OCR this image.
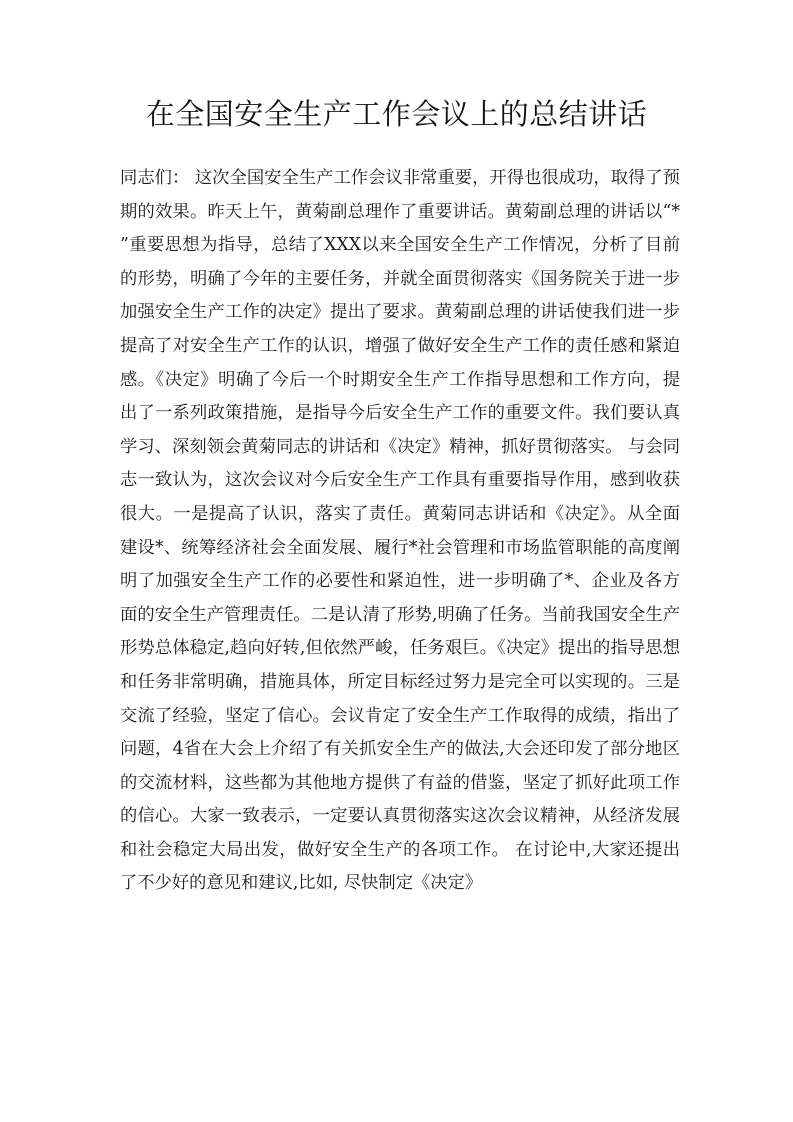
在全国安全生产工作会议上的总结讲话

同志们： 这次全国安全生产工作会议非常重要，开得也很成功，取得了预期的效果。昨天上午，黄菊副总理作了重要讲话。黄菊副总理的讲话以“*”重要思想为指导，总结了XXX以来全国安全生产工作情况，分析了目前的形势，明确了今年的主要任务，并就全面贯彻落实《国务院关于进一步加强安全生产工作的决定》提出了要求。黄菊副总理的讲话使我们进一步提高了对安全生产工作的认识，增强了做好安全生产工作的责任感和紧迫感。《决定》明确了今后一个时期安全生产工作指导思想和工作方向，提出了一系列政策措施，是指导今后安全生产工作的重要文件。我们要认真学习、深刻领会黄菊同志的讲话和《决定》精神，抓好贯彻落实。 与会同志一致认为，这次会议对今后安全生产工作具有重要指导作用，感到收获很大。一是提高了认识，落实了责任。黄菊同志讲话和《决定》。从全面建设*、统筹经济社会全面发展、履行*社会管理和市场监管职能的高度阐明了加强安全生产工作的必要性和紧迫性，进一步明确了*、企业及各方面的安全生产管理责任。二是认清了形势,明确了任务。当前我国安全生产形势总体稳定,趋向好转,但依然严峻，任务艰巨。《决定》提出的指导思想和任务非常明确，措施具体，所定目标经过努力是完全可以实现的。三是交流了经验，坚定了信心。会议肯定了安全生产工作取得的成绩，指出了问题，4省在大会上介绍了有关抓安全生产的做法,大会还印发了部分地区的交流材料，这些都为其他地方提供了有益的借鉴，坚定了抓好此项工作的信心。大家一致表示，一定要认真贯彻落实这次会议精神，从经济发展和社会稳定大局出发，做好安全生产的各项工作。 在讨论中,大家还提出了不少好的意见和建议,比如, 尽快制定《决定》
